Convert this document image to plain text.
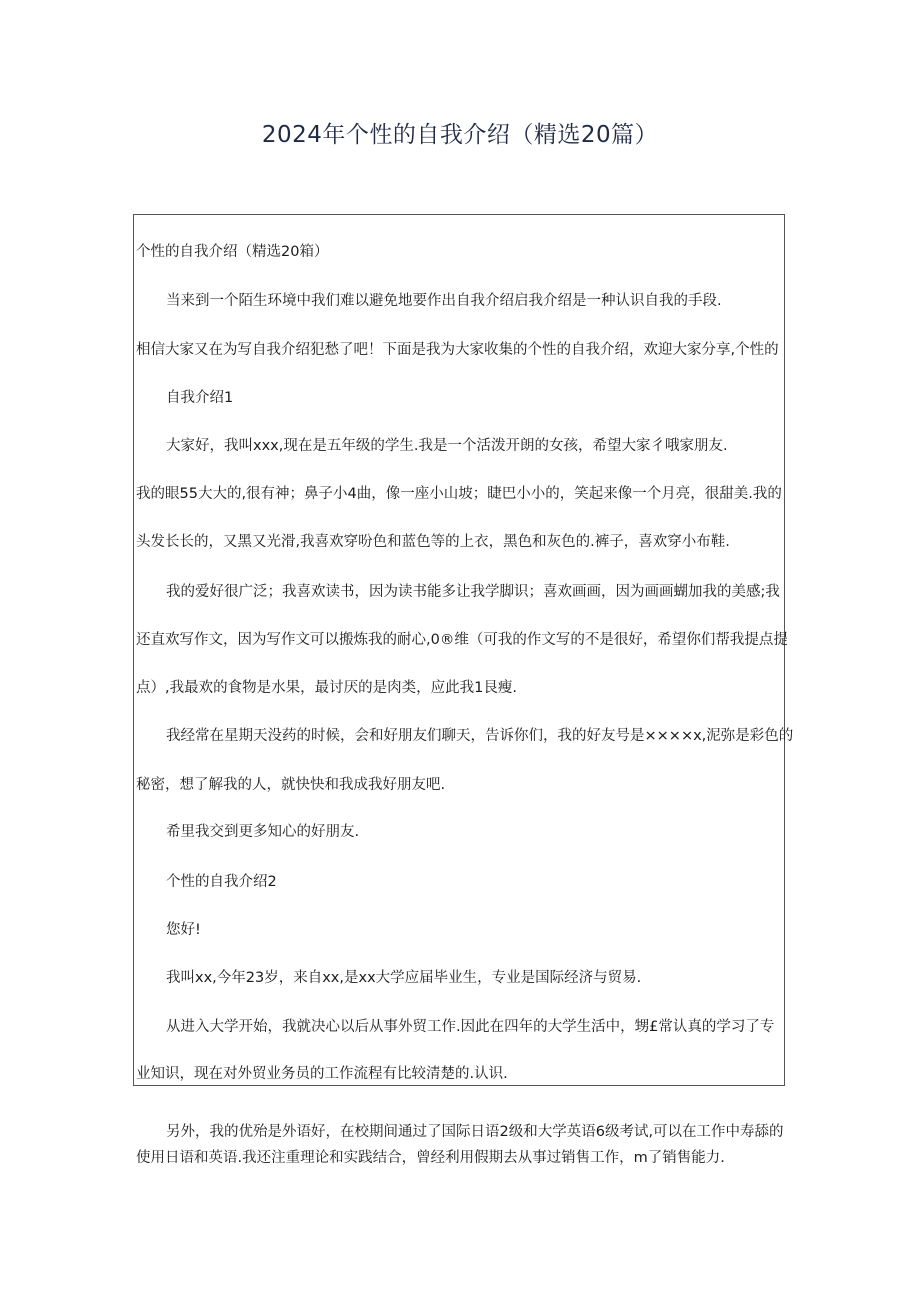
2024年个性的自我介绍（精选20篇）
个性的自我介绍（精选20箱）
当来到一个陌生环境中我们难以避免地要作出自我介绍启我介绍是一种认识自我的手段.
相信大家又在为写自我介绍犯愁了吧！下面是我为大家收集的个性的自我介绍，欢迎大家分享,个性的
自我介绍1
大家好，我叫xxx,现在是五年级的学生.我是一个活泼开朗的女孩，希望大家彳哦家朋友.
我的眼55大大的,很有神；鼻子小4曲，像一座小山坡；睫巴小小的，笑起来像一个月亮，很甜美.我的
头发长长的，又黑又光滑,我喜欢穿吩色和蓝色等的上衣，黑色和灰色的.裤子，喜欢穿小布鞋.
我的爱好很广泛；我喜欢读书，因为读书能多让我学脚识；喜欢画画，因为画画蝴加我的美感;我
还直欢写作文，因为写作文可以搬炼我的耐心,0®维（可我的作文写的不是很好，希望你们帮我提点提
点）,我最欢的食物是水果，最讨厌的是肉类，应此我1艮瘦.
我经常在星期天没药的时候，会和好朋友们聊天，告诉你们，我的好友号是××××x,泥弥是彩色的
秘密，想了解我的人，就快快和我成我好朋友吧.
希里我交到更多知心的好朋友.
个性的自我介绍2
您好!
我叫xx,今年23岁，来自xx,是xx大学应届毕业生，专业是国际经济与贸易.
从进入大学开始，我就决心以后从事外贸工作.因此在四年的大学生活中，甥£常认真的学习了专
业知识，现在对外贸业务员的工作流程有比较清楚的.认识.
另外，我的优殆是外语好，在校期间通过了国际日语2级和大学英语6级考试,可以在工作中寿舔的
使用日语和英语.我还注重理论和实践结合，曾经利用假期去从事过销售工作，m了销售能力.
